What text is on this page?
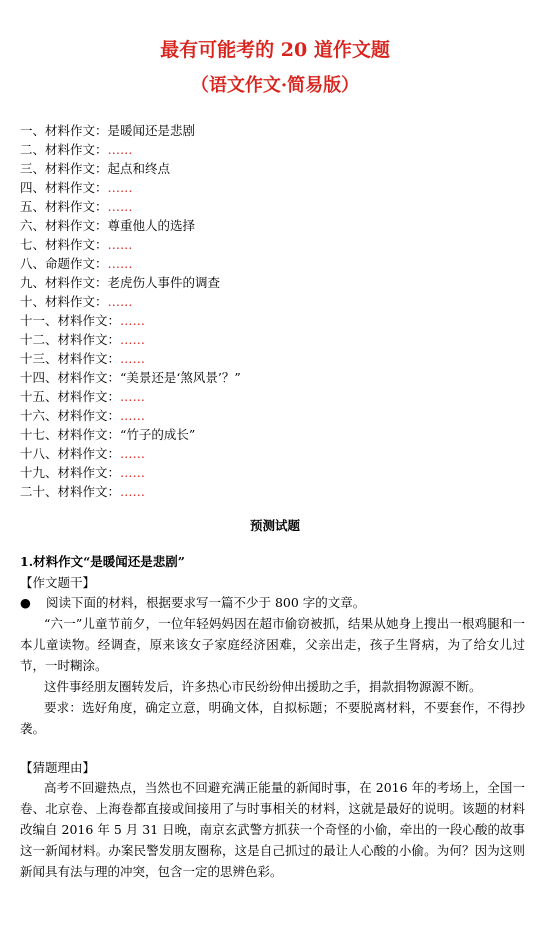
最有可能考的 20 道作文题
（语文作文·简易版）
一、材料作文：是暖闻还是悲剧
二、材料作文：……
三、材料作文：起点和终点
四、材料作文：……
五、材料作文：……
六、材料作文：尊重他人的选择
七、材料作文：……
八、命题作文：……
九、材料作文：老虎伤人事件的调查
十、材料作文：……
十一、材料作文：……
十二、材料作文：……
十三、材料作文：……
十四、材料作文：“美景还是‘煞风景’？”
十五、材料作文：……
十六、材料作文：……
十七、材料作文：“竹子的成长”
十八、材料作文：……
十九、材料作文：……
二十、材料作文：……
预测试题
1.材料作文“是暖闻还是悲剧”
【作文题干】
● 阅读下面的材料，根据要求写一篇不少于 800 字的文章。

“六一”儿童节前夕，一位年轻妈妈因在超市偷窃被抓，结果从她身上搜出一根鸡腿和一本儿童读物。经调查，原来该女子家庭经济困难，父亲出走，孩子生肾病，为了给女儿过节，一时糊涂。

这件事经朋友圈转发后，许多热心市民纷纷伸出援助之手，捐款捐物源源不断。

要求：选好角度，确定立意，明确文体，自拟标题；不要脱离材料，不要套作，不得抄袭。

【猜题理由】

高考不回避热点，当然也不回避充满正能量的新闻时事，在 2016 年的考场上，全国一卷、北京卷、上海卷都直接或间接用了与时事相关的材料，这就是最好的说明。该题的材料改编自 2016 年 5 月 31 日晚，南京玄武警方抓获一个奇怪的小偷，牵出的一段心酸的故事这一新闻材料。办案民警发朋友圈称，这是自己抓过的最让人心酸的小偷。为何？因为这则新闻具有法与理的冲突，包含一定的思辨色彩。
